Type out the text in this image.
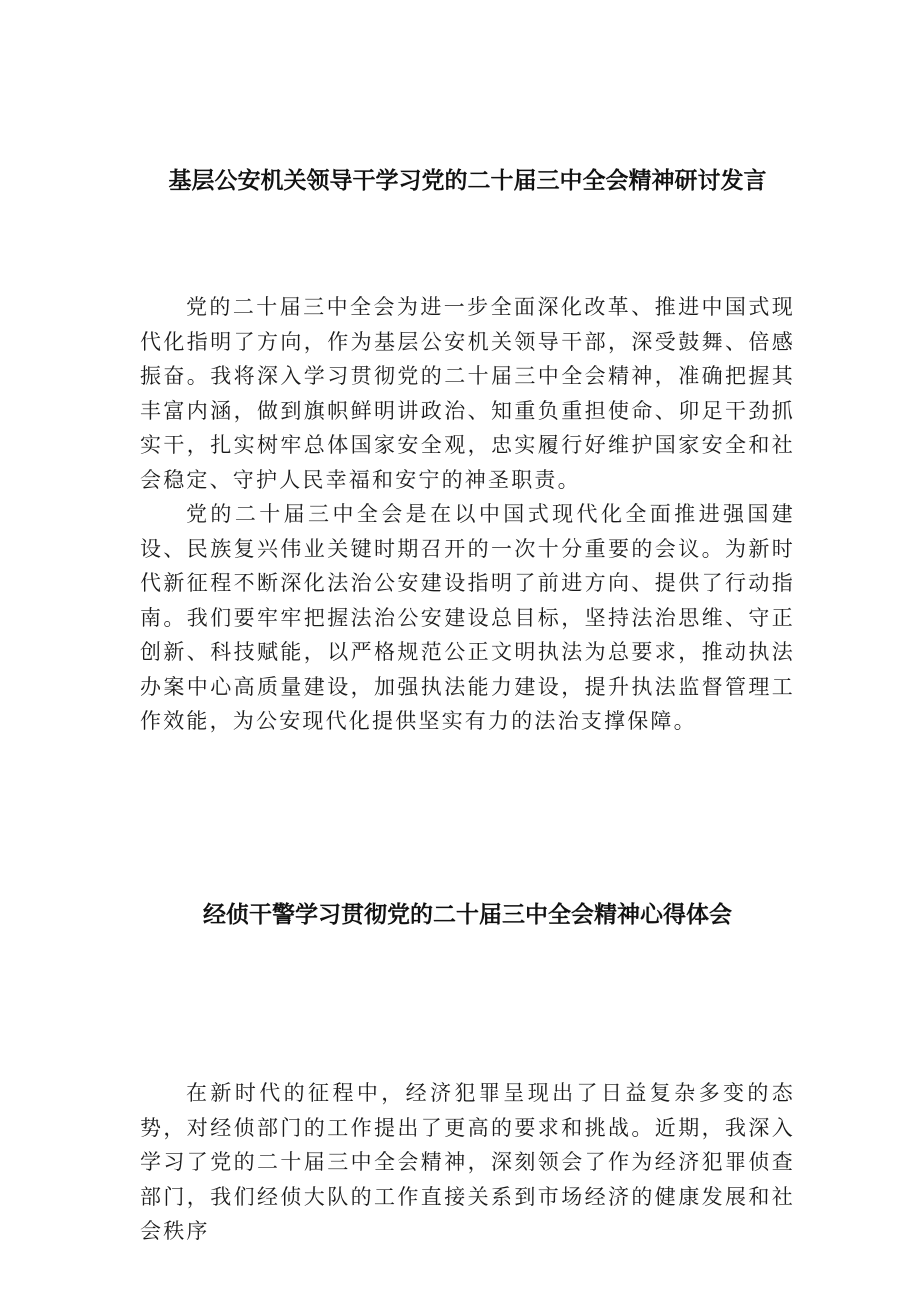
基层公安机关领导干学习党的二十届三中全会精神研讨发言

党的二十届三中全会为进一步全面深化改革、推进中国式现代化指明了方向，作为基层公安机关领导干部，深受鼓舞、倍感振奋。我将深入学习贯彻党的二十届三中全会精神，准确把握其丰富内涵，做到旗帜鲜明讲政治、知重负重担使命、卯足干劲抓实干，扎实树牢总体国家安全观，忠实履行好维护国家安全和社会稳定、守护人民幸福和安宁的神圣职责。

党的二十届三中全会是在以中国式现代化全面推进强国建设、民族复兴伟业关键时期召开的一次十分重要的会议。为新时代新征程不断深化法治公安建设指明了前进方向、提供了行动指南。我们要牢牢把握法治公安建设总目标，坚持法治思维、守正创新、科技赋能，以严格规范公正文明执法为总要求，推动执法办案中心高质量建设，加强执法能力建设，提升执法监督管理工作效能，为公安现代化提供坚实有力的法治支撑保障。

经侦干警学习贯彻党的二十届三中全会精神心得体会

在新时代的征程中，经济犯罪呈现出了日益复杂多变的态势，对经侦部门的工作提出了更高的要求和挑战。近期，我深入学习了党的二十届三中全会精神，深刻领会了作为经济犯罪侦查部门，我们经侦大队的工作直接关系到市场经济的健康发展和社会秩序
